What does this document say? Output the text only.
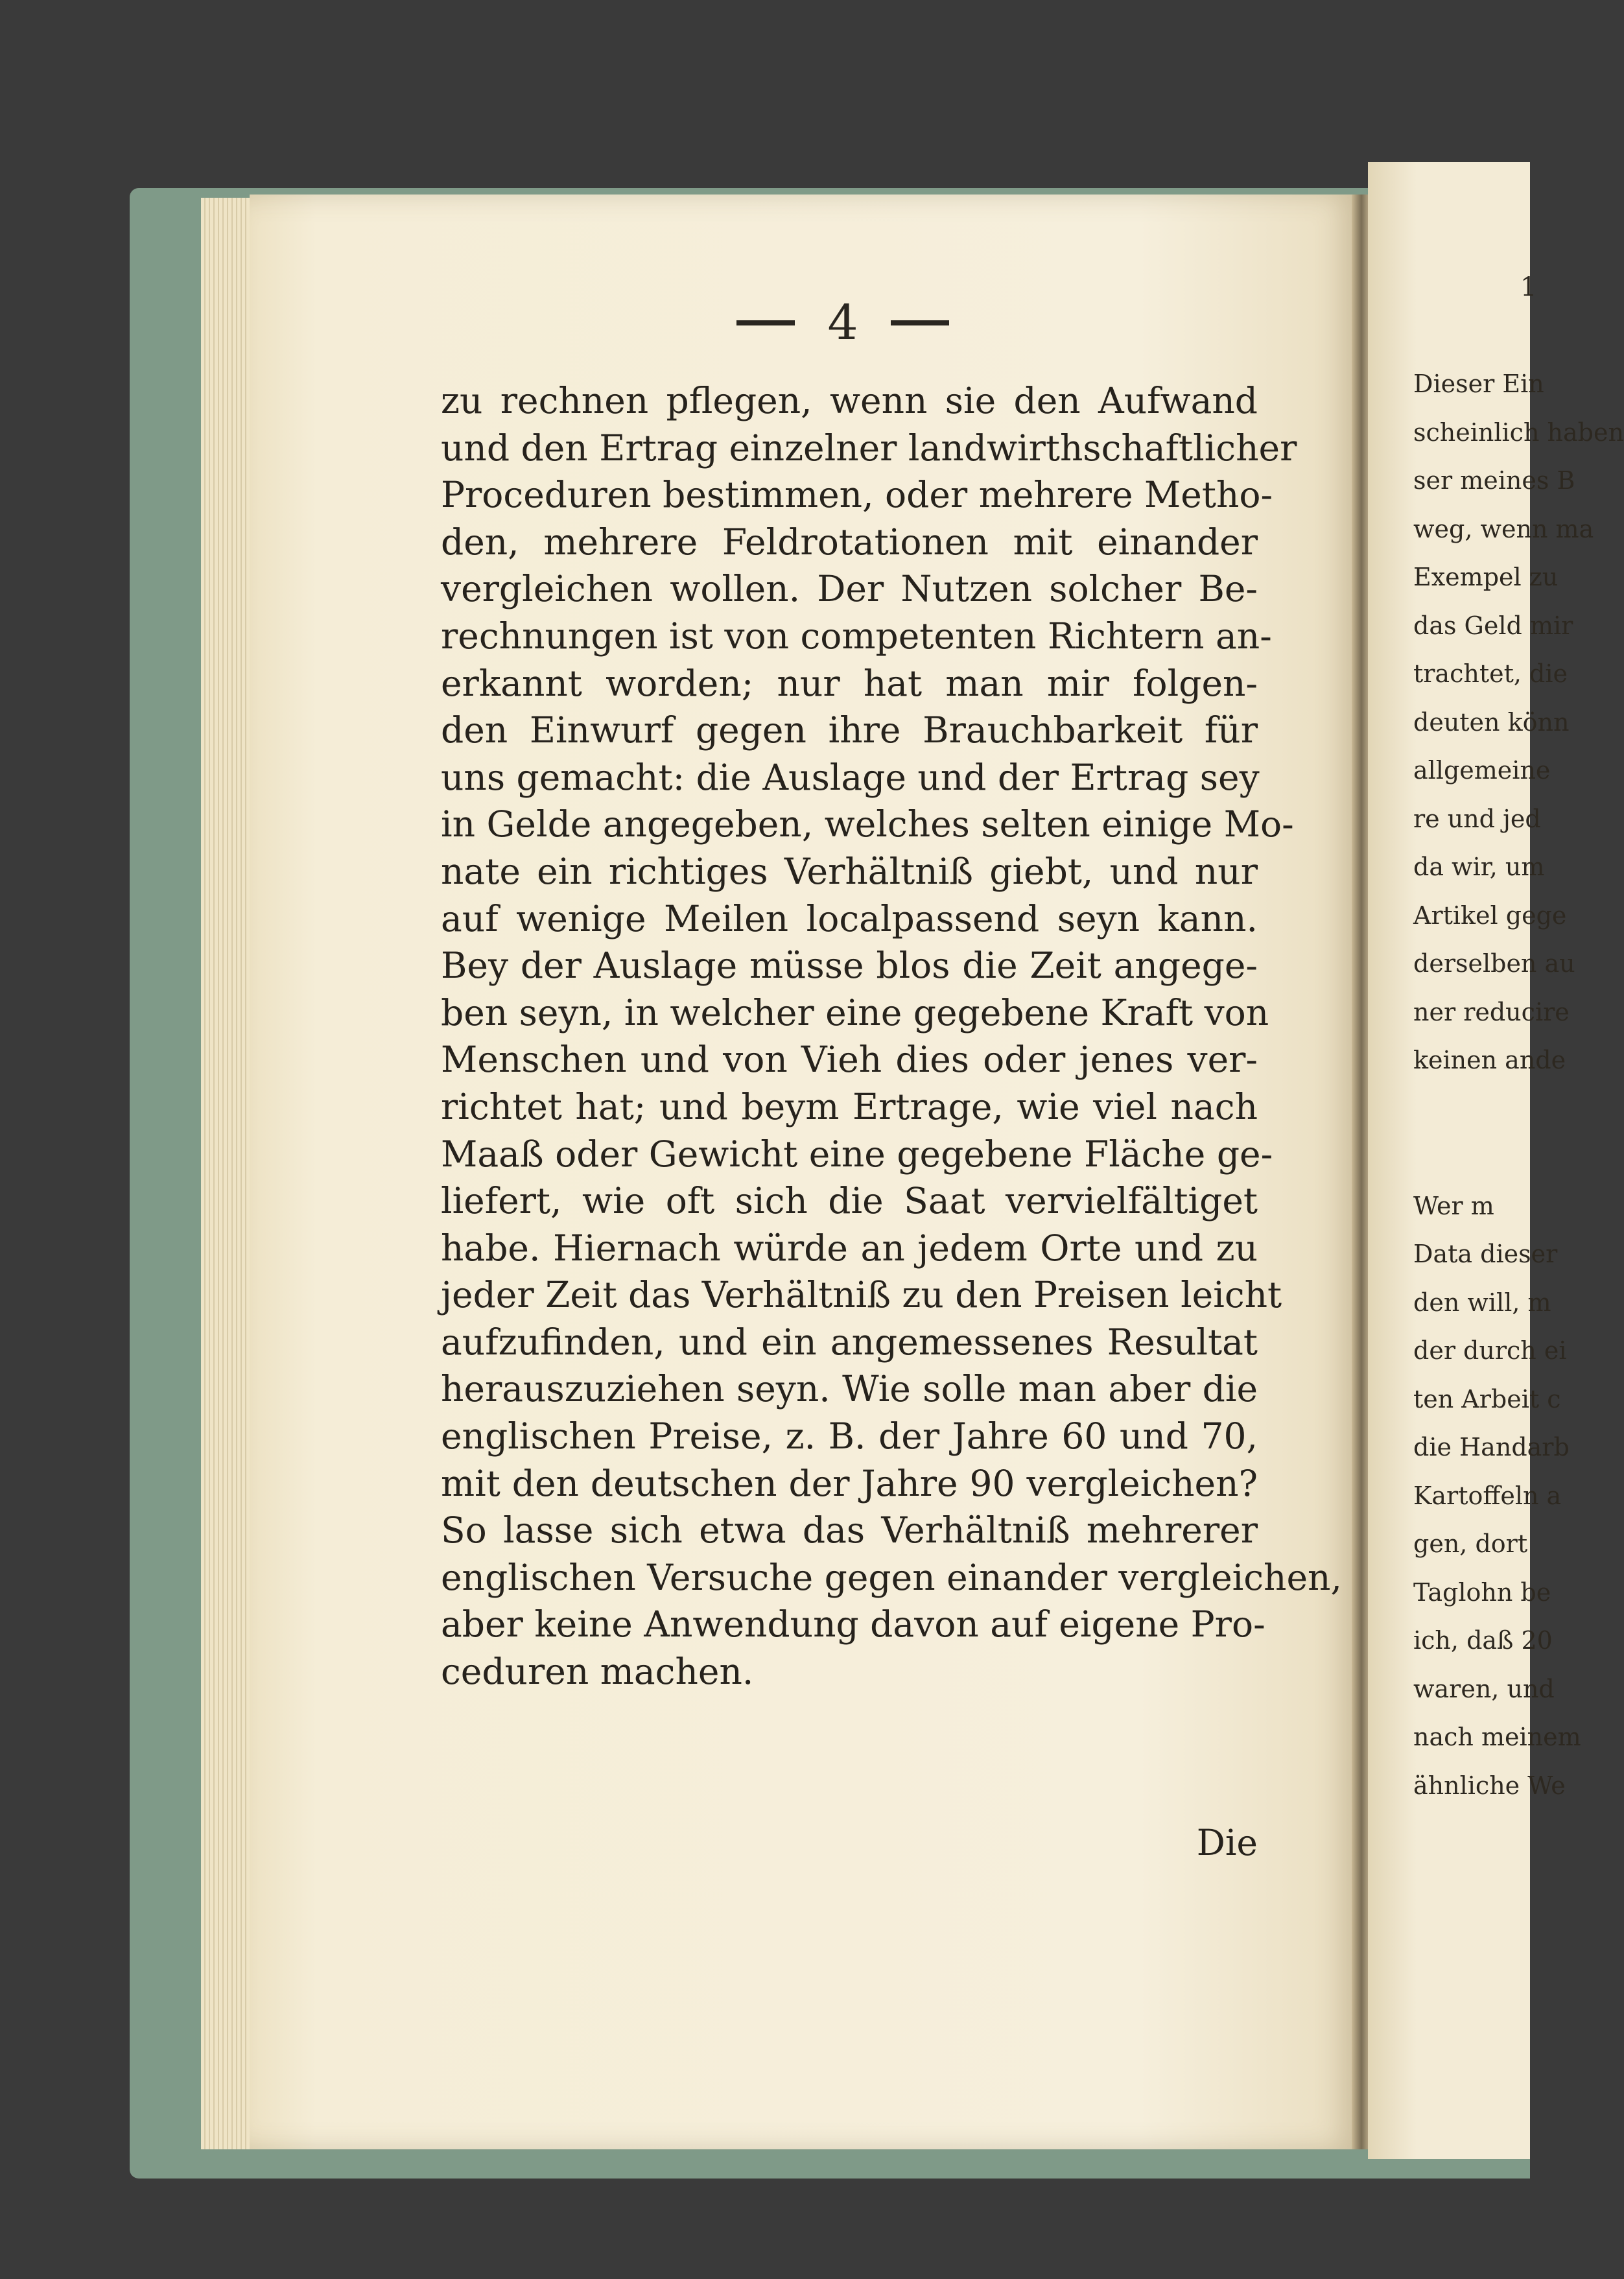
4
zu rechnen pflegen, wenn sie den Aufwand
und den Ertrag einzelner landwirthschaftlicher
Proceduren bestimmen, oder mehrere Metho-
den, mehrere Feldrotationen mit einander
vergleichen wollen. Der Nutzen solcher Be-
rechnungen ist von competenten Richtern an-
erkannt worden; nur hat man mir folgen-
den Einwurf gegen ihre Brauchbarkeit für
uns gemacht: die Auslage und der Ertrag sey
in Gelde angegeben, welches selten einige Mo-
nate ein richtiges Verhältniß giebt, und nur
auf wenige Meilen localpassend seyn kann.
Bey der Auslage müsse blos die Zeit angege-
ben seyn, in welcher eine gegebene Kraft von
Menschen und von Vieh dies oder jenes ver-
richtet hat; und beym Ertrage, wie viel nach
Maaß oder Gewicht eine gegebene Fläche ge-
liefert, wie oft sich die Saat vervielfältiget
habe. Hiernach würde an jedem Orte und zu
jeder Zeit das Verhältniß zu den Preisen leicht
aufzufinden, und ein angemessenes Resultat
herauszuziehen seyn. Wie solle man aber die
englischen Preise, z. B. der Jahre 60 und 70,
mit den deutschen der Jahre 90 vergleichen?
So lasse sich etwa das Verhältniß mehrerer
englischen Versuche gegen einander vergleichen,
aber keine Anwendung davon auf eigene Pro-
ceduren machen.
Die
1
Dieser Ein
scheinlich haben
ser meines B
weg, wenn ma
Exempel zu
das Geld mir
trachtet, die
deuten könn
allgemeine
re und jed
da wir, um
Artikel gege
derselben au
ner reducire
keinen ande
Wer m
Data dieser
den will, m
der durch ei
ten Arbeit c
die Handarb
Kartoffeln a
gen, dort
Taglohn be
ich, daß 20
waren, und
nach meinem
ähnliche We
